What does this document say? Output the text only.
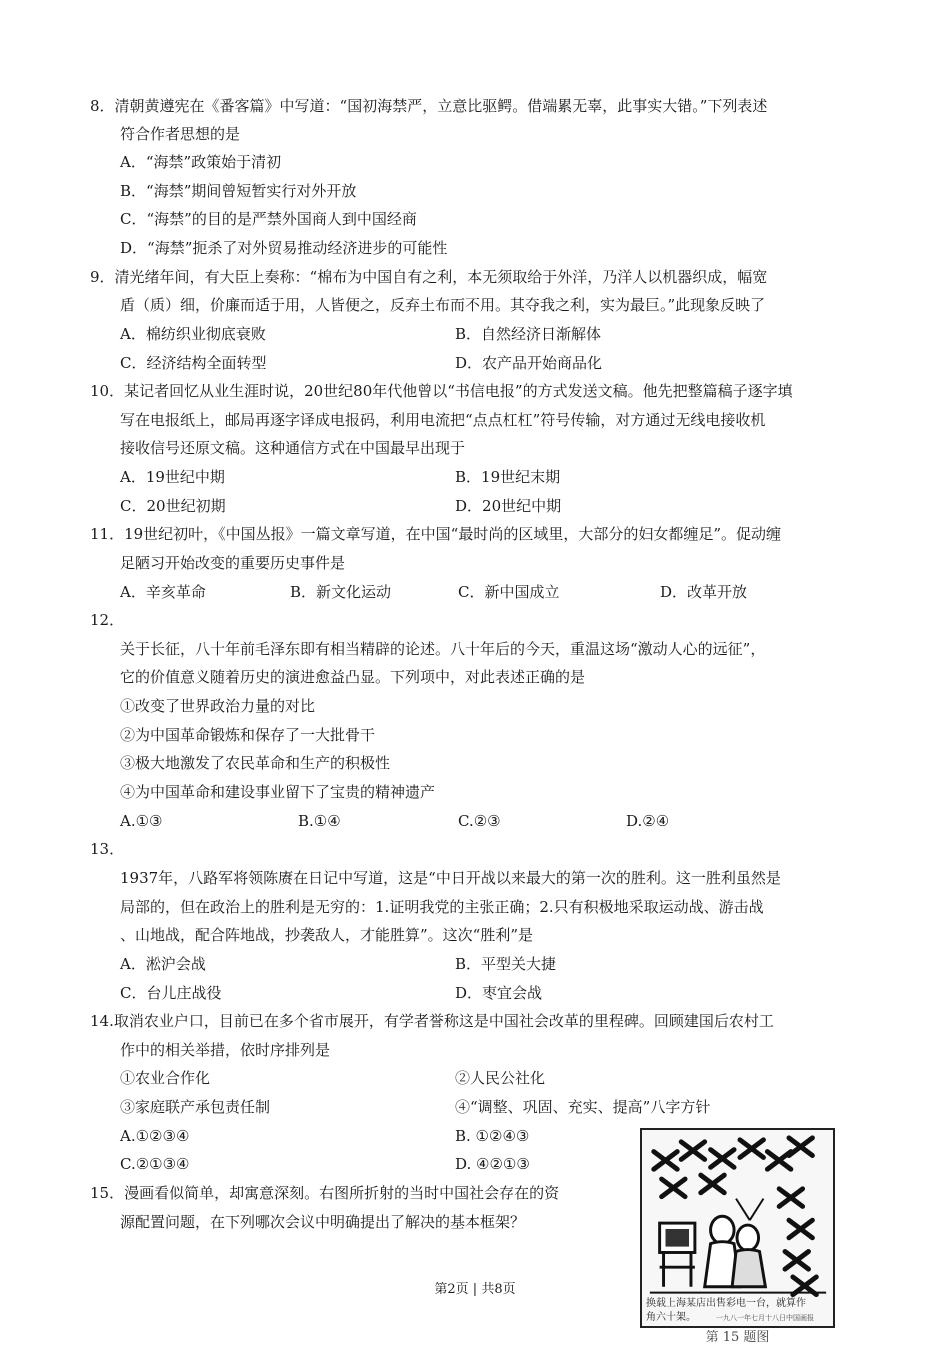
8．清朝黄遵宪在《番客篇》中写道：“国初海禁严，立意比驱鳄。借端累无辜，此事实大错。”下列表述
符合作者思想的是
A．“海禁”政策始于清初
B．“海禁”期间曾短暂实行对外开放
C．“海禁”的目的是严禁外国商人到中国经商
D．“海禁”扼杀了对外贸易推动经济进步的可能性
9．清光绪年间，有大臣上奏称：“棉布为中国自有之利，本无须取给于外洋，乃洋人以机器织成，幅宽
盾（质）细，价廉而适于用，人皆便之，反弃土布而不用。其夺我之利，实为最巨。”此现象反映了
A．棉纺织业彻底衰败	B．自然经济日渐解体
C．经济结构全面转型	D．农产品开始商品化
10．某记者回忆从业生涯时说，20世纪80年代他曾以“书信电报”的方式发送文稿。他先把整篇稿子逐字填
写在电报纸上，邮局再逐字译成电报码，利用电流把“点点杠杠”符号传输，对方通过无线电接收机
接收信号还原文稿。这种通信方式在中国最早出现于
A．19世纪中期	B．19世纪末期
C．20世纪初期	D．20世纪中期
11．19世纪初叶，《中国丛报》一篇文章写道，在中国“最时尚的区域里，大部分的妇女都缠足”。促动缠
足陋习开始改变的重要历史事件是
A．辛亥革命	B．新文化运动	C．新中国成立	D．改革开放
12．
关于长征，八十年前毛泽东即有相当精辟的论述。八十年后的今天，重温这场“激动人心的远征”，
它的价值意义随着历史的演进愈益凸显。下列项中，对此表述正确的是
①改变了世界政治力量的对比
②为中国革命锻炼和保存了一大批骨干
③极大地激发了农民革命和生产的积极性
④为中国革命和建设事业留下了宝贵的精神遗产
A.①③	B.①④	C.②③	D.②④
13．
1937年，八路军将领陈赓在日记中写道，这是“中日开战以来最大的第一次的胜利。这一胜利虽然是
局部的，但在政治上的胜利是无穷的：1.证明我党的主张正确；2.只有积极地采取运动战、游击战
、山地战，配合阵地战，抄袭敌人，才能胜算”。这次“胜利”是
A．淞沪会战	B．平型关大捷
C．台儿庄战役	D．枣宜会战
14.取消农业户口，目前已在多个省市展开，有学者誉称这是中国社会改革的里程碑。回顾建国后农村工
作中的相关举措，依时序排列是
①农业合作化	②人民公社化
③家庭联产承包责任制	④“调整、巩固、充实、提高”八字方针
A.①②③④	B. ①②④③
C.②①③④	D. ④②①③
15．漫画看似简单，却寓意深刻。右图所折射的当时中国社会存在的资
源配置问题，在下列哪次会议中明确提出了解决的基本框架？
换载上海某店出售彩电一台，就算作
角六十架。	一九八一年七月十八日中国画报
第 15 题图
第2页 | 共8页
